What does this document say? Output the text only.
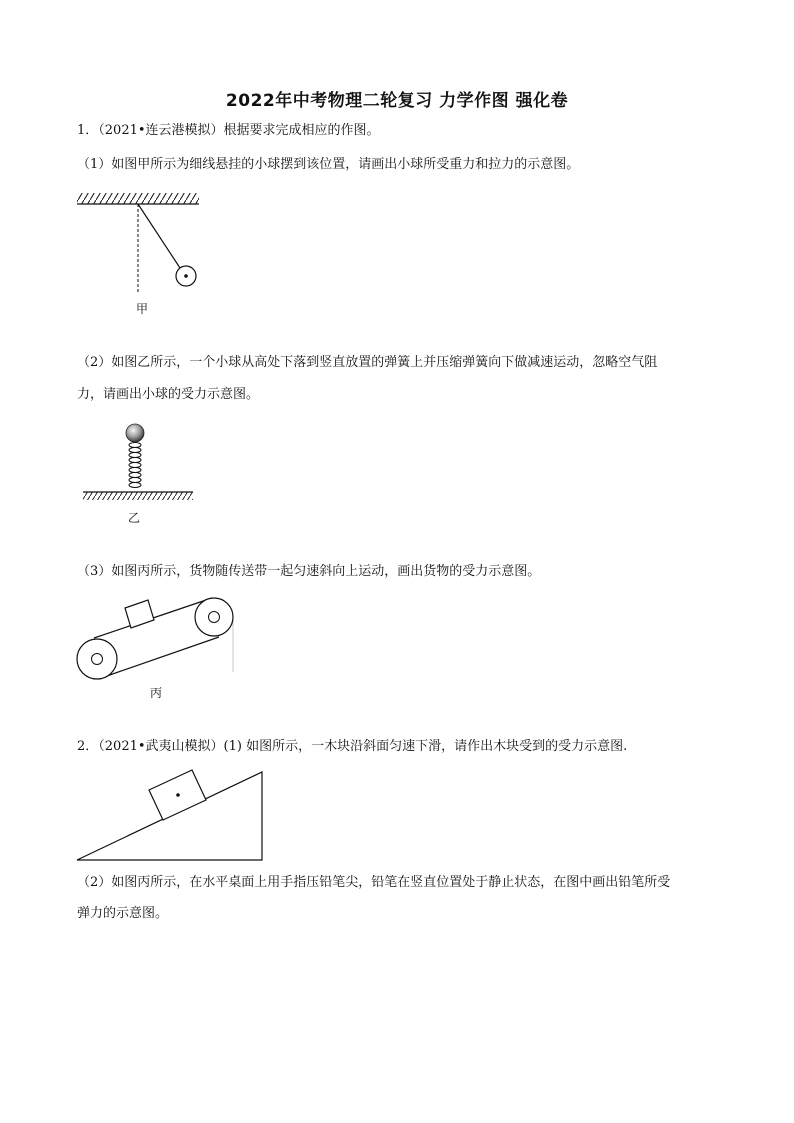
2022年中考物理二轮复习 力学作图 强化卷
1．（2021•连云港模拟）根据要求完成相应的作图。
（1）如图甲所示为细线悬挂的小球摆到该位置，请画出小球所受重力和拉力的示意图。
甲
（2）如图乙所示，一个小球从高处下落到竖直放置的弹簧上并压缩弹簧向下做减速运动，忽略空气阻
力，请画出小球的受力示意图。
乙
（3）如图丙所示，货物随传送带一起匀速斜向上运动，画出货物的受力示意图。
丙
2．（2021•武夷山模拟）(1) 如图所示，一木块沿斜面匀速下滑，请作出木块受到的受力示意图.
（2）如图丙所示，在水平桌面上用手指压铅笔尖，铅笔在竖直位置处于静止状态，在图中画出铅笔所受
弹力的示意图。
